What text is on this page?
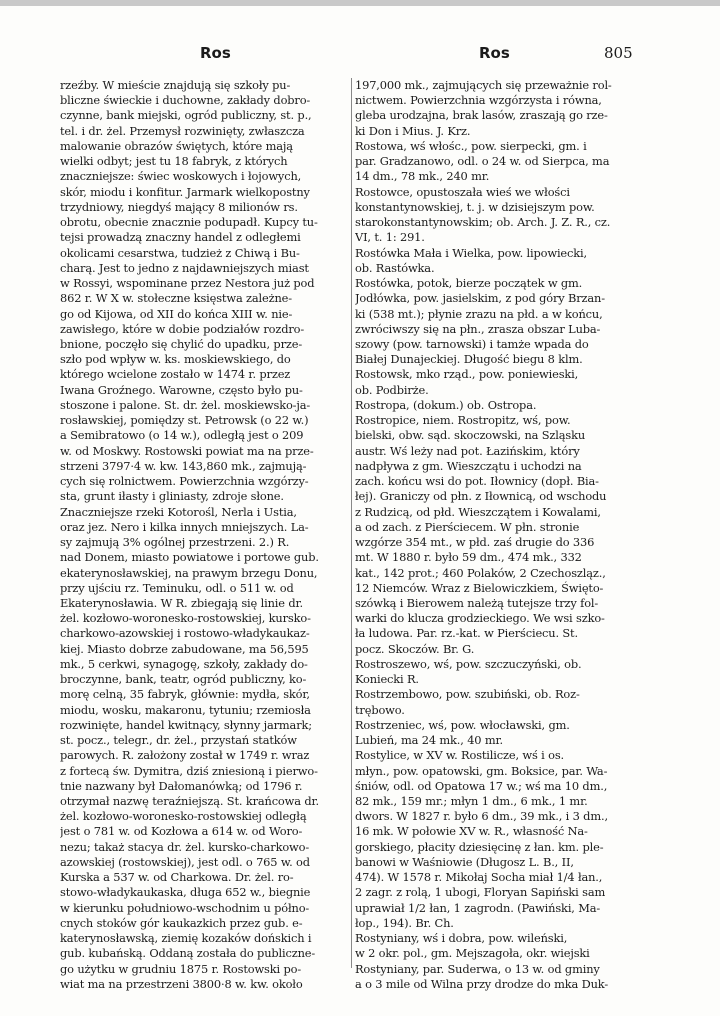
Ros	Ros	805
rzeźby. W mieście znajdują się szkoły pu-
bliczne świeckie i duchowne, zakłady dobro-
czynne, bank miejski, ogród publiczny, st. p.,
tel. i dr. żel. Przemysł rozwinięty, zwłaszcza
malowanie obrazów świętych, które mają
wielki odbyt; jest tu 18 fabryk, z których
znaczniejsze: świec woskowych i łojowych,
skór, miodu i konfitur. Jarmark wielkopostny
trzydniowy, niegdyś mający 8 milionów rs.
obrotu, obecnie znacznie podupadł. Kupcy tu-
tejsi prowadzą znaczny handel z odległemi
okolicami cesarstwa, tudzież z Chiwą i Bu-
charą. Jest to jedno z najdawniejszych miast
w Rossyi, wspominane przez Nestora już pod
862 r. W X w. stołeczne księstwa zależne-
go od Kijowa, od XII do końca XIII w. nie-
zawisłego, które w dobie podziałów rozdro-
bnione, poczęło się chylić do upadku, prze-
szło pod wpływ w. ks. moskiewskiego, do
którego wcielone zostało w 1474 r. przez
Iwana Groźnego. Warowne, często było pu-
stoszone i palone. St. dr. żel. moskiewsko-ja-
rosławskiej, pomiędzy st. Petrowsk (o 22 w.)
a Semibratowo (o 14 w.), odległą jest o 209
w. od Moskwy. Rostowski powiat ma na prze-
strzeni 3797·4 w. kw. 143,860 mk., zajmują-
cych się rolnictwem. Powierzchnia wzgórzy-
sta, grunt iłasty i gliniasty, zdroje słone.
Znaczniejsze rzeki Kotorośl, Nerla i Ustia,
oraz jez. Nero i kilka innych mniejszych. La-
sy zajmują 3% ogólnej przestrzeni. 2.) R.
nad Donem, miasto powiatowe i portowe gub.
ekaterynosławskiej, na prawym brzegu Donu,
przy ujściu rz. Teminuku, odl. o 511 w. od
Ekaterynosławia. W R. zbiegają się linie dr.
żel. kozłowo-woronesko-rostowskiej, kursko-
charkowo-azowskiej i rostowo-władykaukaz-
kiej. Miasto dobrze zabudowane, ma 56,595
mk., 5 cerkwi, synagogę, szkoły, zakłady do-
broczynne, bank, teatr, ogród publiczny, ko-
morę celną, 35 fabryk, głównie: mydła, skór,
miodu, wosku, makaronu, tytuniu; rzemiosła
rozwinięte, handel kwitnący, słynny jarmark;
st. pocz., telegr., dr. żel., przystań statków
parowych. R. założony został w 1749 r. wraz
z fortecą św. Dymitra, dziś zniesioną i pierwo-
tnie nazwany był Dałomanówką; od 1796 r.
otrzymał nazwę teraźniejszą. St. krańcowa dr.
żel. kozłowo-woronesko-rostowskiej odległą
jest o 781 w. od Kozłowa a 614 w. od Woro-
nezu; takaż stacya dr. żel. kursko-charkowo-
azowskiej (rostowskiej), jest odl. o 765 w. od
Kurska a 537 w. od Charkowa. Dr. żel. ro-
stowo-władykaukaska, długa 652 w., biegnie
w kierunku południowo-wschodnim u półno-
cnych stoków gór kaukazkich przez gub. e-
katerynosławską, ziemię kozaków dońskich i
gub. kubańską. Oddaną została do publiczne-
go użytku w grudniu 1875 r. Rostowski po-
wiat ma na przestrzeni 3800·8 w. kw. około
197,000 mk., zajmujących się przeważnie rol-
nictwem. Powierzchnia wzgórzysta i równa,
gleba urodzajna, brak lasów, zraszają go rze-
ki Don i Mius. J. Krz.
Rostowa, wś włośc., pow. sierpecki, gm. i
par. Gradzanowo, odl. o 24 w. od Sierpca, ma
14 dm., 78 mk., 240 mr.
Rostowce, opustoszała wieś we włości
konstantynowskiej, t. j. w dzisiejszym pow.
starokonstantynowskim; ob. Arch. J. Z. R., cz.
VI, t. 1: 291.
Rostówka Mała i Wielka, pow. lipowiecki,
ob. Rastówka.
Rostówka, potok, bierze początek w gm.
Jodłówka, pow. jasielskim, z pod góry Brzan-
ki (538 mt.); płynie zrazu na płd. a w końcu,
zwróciwszy się na płn., zrasza obszar Luba-
szowy (pow. tarnowski) i tamże wpada do
Białej Dunajeckiej. Długość biegu 8 klm.
Rostowsk, mko rząd., pow. poniewieski,
ob. Podbirże.
Rostropa, (dokum.) ob. Ostropa.
Rostropice, niem. Rostropitz, wś, pow.
bielski, obw. sąd. skoczowski, na Szląsku
austr. Wś leży nad pot. Łazińskim, który
nadpływa z gm. Wieszczątu i uchodzi na
zach. końcu wsi do pot. Iłownicy (dopł. Bia-
łej). Graniczy od płn. z Iłownicą, od wschodu
z Rudzicą, od płd. Wieszczątem i Kowalami,
a od zach. z Pierściecem. W płn. stronie
wzgórze 354 mt., w płd. zaś drugie do 336
mt. W 1880 r. było 59 dm., 474 mk., 332
kat., 142 prot.; 460 Polaków, 2 Czechoszląz.,
12 Niemców. Wraz z Bielowiczkiem, Święto-
szówką i Bierowem należą tutejsze trzy fol-
warki do klucza grodzieckiego. We wsi szko-
ła ludowa. Par. rz.-kat. w Pierściecu. St.
pocz. Skoczów. Br. G.
Rostroszewo, wś, pow. szczuczyński, ob.
Koniecki R.
Rostrzembowo, pow. szubiński, ob. Roz-
trębowo.
Rostrzeniec, wś, pow. włocławski, gm.
Lubień, ma 24 mk., 40 mr.
Rostylice, w XV w. Rostilicze, wś i os.
młyn., pow. opatowski, gm. Boksice, par. Wa-
śniów, odl. od Opatowa 17 w.; wś ma 10 dm.,
82 mk., 159 mr.; młyn 1 dm., 6 mk., 1 mr.
dwors. W 1827 r. było 6 dm., 39 mk., i 3 dm.,
16 mk. W połowie XV w. R., własność Na-
gorskiego, płacity dziesięcinę z łan. km. ple-
banowi w Waśniowie (Długosz L. B., II,
474). W 1578 r. Mikołaj Socha miał 1/4 łan.,
2 zagr. z rolą, 1 ubogi, Floryan Sapiński sam
uprawiał 1/2 łan, 1 zagrodn. (Pawiński, Ma-
łop., 194). Br. Ch.
Rostyniany, wś i dobra, pow. wileński,
w 2 okr. pol., gm. Mejszagoła, okr. wiejski
Rostyniany, par. Suderwa, o 13 w. od gminy
a o 3 mile od Wilna przy drodze do mka Duk-
